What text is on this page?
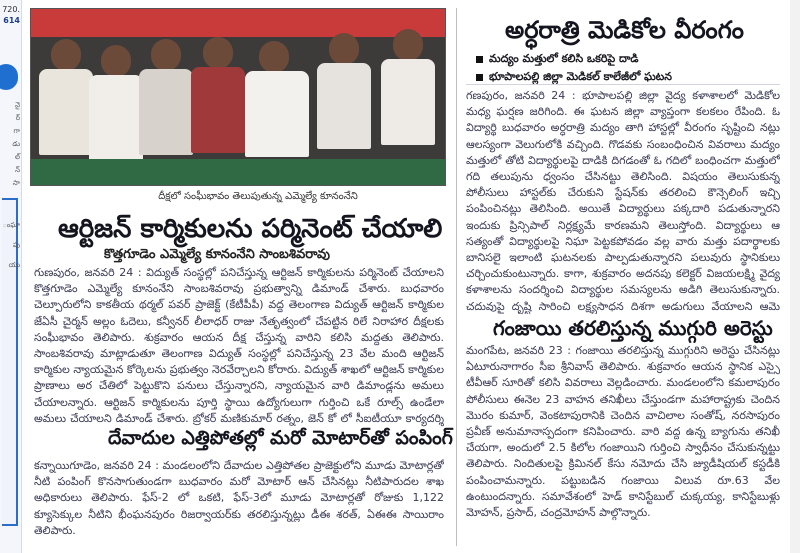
720.
614
నై
ర్
గా
డు
ల్
న్
సా
ంఘా
పు
యు
దీక్షలో సంఘీభావం తెలుపుతున్న ఎమ్మెల్యే కూనంనేని
ఆర్టిజన్ కార్మికులను పర్మినెంట్ చేయాలి
కొత్తగూడెం ఎమ్మెల్యే కూనంనేని సాంబశివరావు
గుణపురం, జనవరి 24 : విద్యుత్ సంస్థల్లో పనిచేస్తున్న ఆర్టిజన్ కార్మికులను పర్మినెంట్ చేయాలని కొత్తగూడెం ఎమ్మెల్యే కూనంనేని సాంబశివరావు ప్రభుత్వాన్ని డిమాండ్ చేశారు. బుధవారం చెల్పూరులోని కాకతీయ థర్మల్ పవర్ ప్రాజెక్ట్ (కేటీపీపీ) వద్ద తెలంగాణ విద్యుత్ ఆర్టిజన్ కార్మికుల జేఏసీ చైర్మన్ అల్లం ఓదెలు, కన్వీనర్ లీలాధర్ రాజు నేతృత్వంలో చేపట్టిన రిలే నిరాహార దీక్షలకు సంఘీభావం తెలిపారు. శుక్రవారం ఆయన దీక్ష చేస్తున్న వారిని కలిసి మద్దతు తెలిపారు. సాంబశివరావు మాట్లాడుతూ తెలంగాణ విద్యుత్ సంస్థల్లో పనిచేస్తున్న 23 వేల మంది ఆర్టిజన్ కార్మికుల న్యాయమైన కోర్కెలను ప్రభుత్వం నెరవేర్చాలని కోరారు. విద్యుత్ శాఖలో ఆర్టిజన్ కార్మికుల ప్రాణాలు అర చేతిలో పెట్టుకొని పనులు చేస్తున్నారని, న్యాయమైన వారి డిమాండ్లను అమలు చేయాలన్నారు. ఆర్టిజన్ కార్మికులను పూర్తి స్థాయి ఉద్యోగులుగా గుర్తించి ఒకే రూల్స్ ఉండేలా అమలు చేయాలని డిమాండ్ చేశారు. బ్రోకర్ మణికుమార్ రత్నం, జెన్ కో లో సీఐటీయూ కార్యదర్శి
దేవాదుల ఎత్తిపోతల్లో మరో మోటార్‌తో పంపింగ్
కన్నాయిగూడెం, జనవరి 24 : మండలంలోని దేవాదుల ఎత్తిపోతల ప్రాజెక్టులోని మూడు మోటార్లతో నీటి పంపింగ్ కొనసాగుతుండగా బుధవారం మరో మోటార్ ఆన్ చేసినట్లు నీటిపారుదల శాఖ అధికారులు తెలిపారు. ఫేస్-2 లో ఒకటి, ఫేస్-3లో మూడు మోటార్లతో రోజుకు 1,122 క్యూసెక్కుల నీటిని భీంఘనపురం రిజర్వాయర్‌కు తరలిస్తున్నట్లు డీఈ శరత్, ఏఈఈ సాయిరాం తెలిపారు.
అర్ధరాత్రి మెడికోల వీరంగం
మద్యం మత్తులో కలిసి ఒకరిపై దాడి
భూపాలపల్లి జిల్లా మెడికల్ కాలేజీలో ఘటన
గణపురం, జనవరి 24 : భూపాలపల్లి జిల్లా వైద్య కళాశాలలో మెడికోల మధ్య ఘర్షణ జరిగింది. ఈ ఘటన జిల్లా వ్యాప్తంగా కలకలం రేపింది. ఓ విద్యార్థి బుధవారం అర్ధరాత్రి మద్యం తాగి హాస్టల్లో వీరంగం సృష్టించి నట్లు ఆలస్యంగా వెలుగులోకి వచ్చింది. గొడవకు సంబంధించిన వివరాలు మద్యం మత్తులో తోటి విద్యార్థులపై దాడికి దిగడంతో ఓ గదిలో బంధించగా మత్తులో గది తలుపును ధ్వంసం చేసినట్టు తెలిసింది. విషయం తెలుసుకున్న పోలీసులు హాస్టల్‌కు చేరుకుని స్టేషన్‌కు తరలించి కౌన్సెలింగ్ ఇచ్చి పంపించినట్లు తెలిసింది. అయితే విద్యార్థులు పక్కదారి పడుతున్నారని ఇందుకు ప్రిన్సిపాల్ నిర్లక్ష్యమే కారణమని తెలుస్తోంది. విద్యార్థులు ఆ సత్యంతో విద్యార్థులపై నిఘా పెట్టకపోవడం వల్ల వారు మత్తు పదార్థాలకు బానిసలై ఇలాంటి ఘటనలకు పాల్పడుతున్నారని పలువురు స్థానికులు చర్చించుకుంటున్నారు. కాగా, శుక్రవారం అదనపు కలెక్టర్ విజయలక్ష్మి వైద్య కళాశాలను సందర్శించి విద్యార్థుల సమస్యలను అడిగి తెలుసుకున్నారు. చదువుపై దృష్టి సారించి లక్ష్యసాధన దిశగా అడుగులు వేయాలని ఆమె
గంజాయి తరలిస్తున్న ముగ్గురి అరెస్టు
మంగపేట, జనవరి 23 : గంజాయి తరలిస్తున్న ముగ్గురిని అరెస్టు చేసినట్లు ఏటూరునాగారం సీఐ శ్రీనివాస్ తెలిపారు. శుక్రవారం ఆయన స్థానిక ఎస్సై టీవీఆర్ సూరితో కలిసి వివరాలు వెల్లడించారు. మండలంలోని కమలాపురం పోలీసులు ఈనెల 23 వాహన తనిఖీలు చేస్తుండగా మహారాష్ట్రకు చెందిన మొరం కుమార్, వెంకటాపురానికి చెందిన వాచిలాల సంతోష్, నరసాపురం ప్రవీణ్ అనుమానాస్పదంగా కనిపించారు. వారి వద్ద ఉన్న బ్యాగును తనిఖీ చేయగా, అందులో 2.5 కిలోల గంజాయిని గుర్తించి స్వాధీనం చేసుకున్నట్టు తెలిపారు. నిందితులపై క్రిమినల్ కేసు నమోదు చేసి జ్యుడీషియల్ కస్టడీకి పంపించామన్నారు. పట్టుబడిన గంజాయి విలువ రూ.63 వేల ఉంటుందన్నారు. సమావేశంలో హెడ్ కానిస్టేబుల్ చుక్కయ్య, కానిస్టేబుళ్లు మోహన్, ప్రసాద్, చంద్రమోహన్ పాల్గొన్నారు.
